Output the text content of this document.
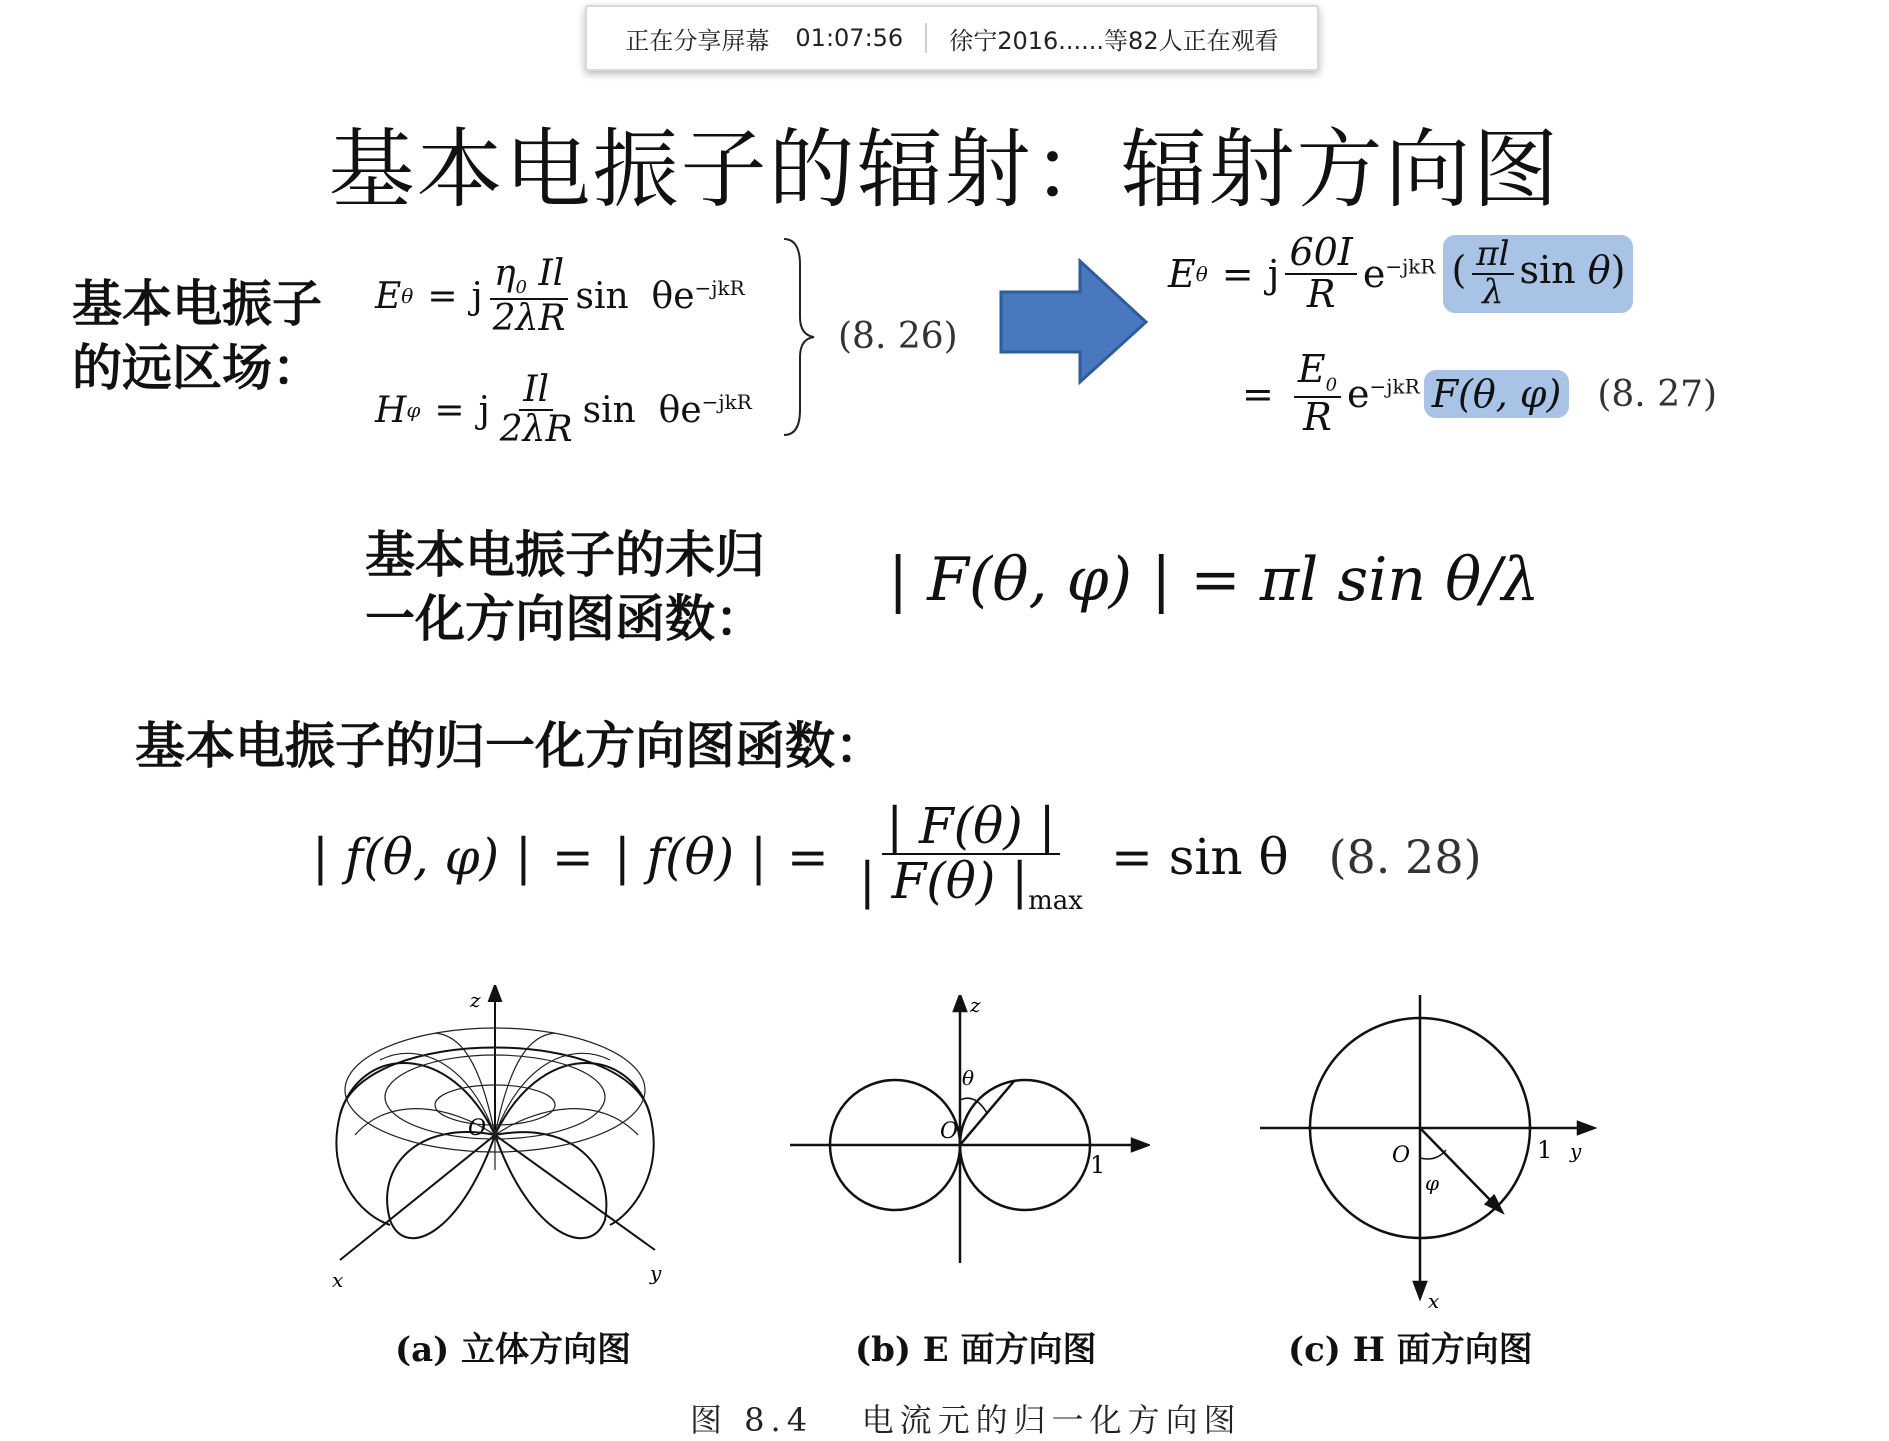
正在分享屏幕 01:07:56 徐宁2016......等82人正在观看
基本电振子的辐射：辐射方向图
基本电振子
的远区场：
E θ = j $\frac{\eta_0 Il}{2\lambda R}$ $\sin \theta e^{-jkR}$
H φ = j $\frac{Il}{2\lambda R}$ $\sin \theta e^{-jkR}$
(8. 26)
E θ = j $\frac{60I}{R} e^{-jkR}$ ( $\frac{\pi l}{\lambda}$ sin θ)
= $\frac{E_0}{R} e^{-jkR}$ F(θ, φ) (8. 27)
基本电振子的未归
一化方向图函数：
| F(θ, φ) | = πl sin θ/λ
基本电振子的归一化方向图函数：
| f(θ, φ) | = | f(θ) | = $\frac{| F(\theta) |}{| F(\theta) |_{max}} = \sin \theta$ (8. 28)
O
z
x	y
O
z
θ
1	O
φ
1 y
x
(a) 立体方向图	(b) E 面方向图	(c) H 面方向图
图 8.4   电流元的归一化方向图
